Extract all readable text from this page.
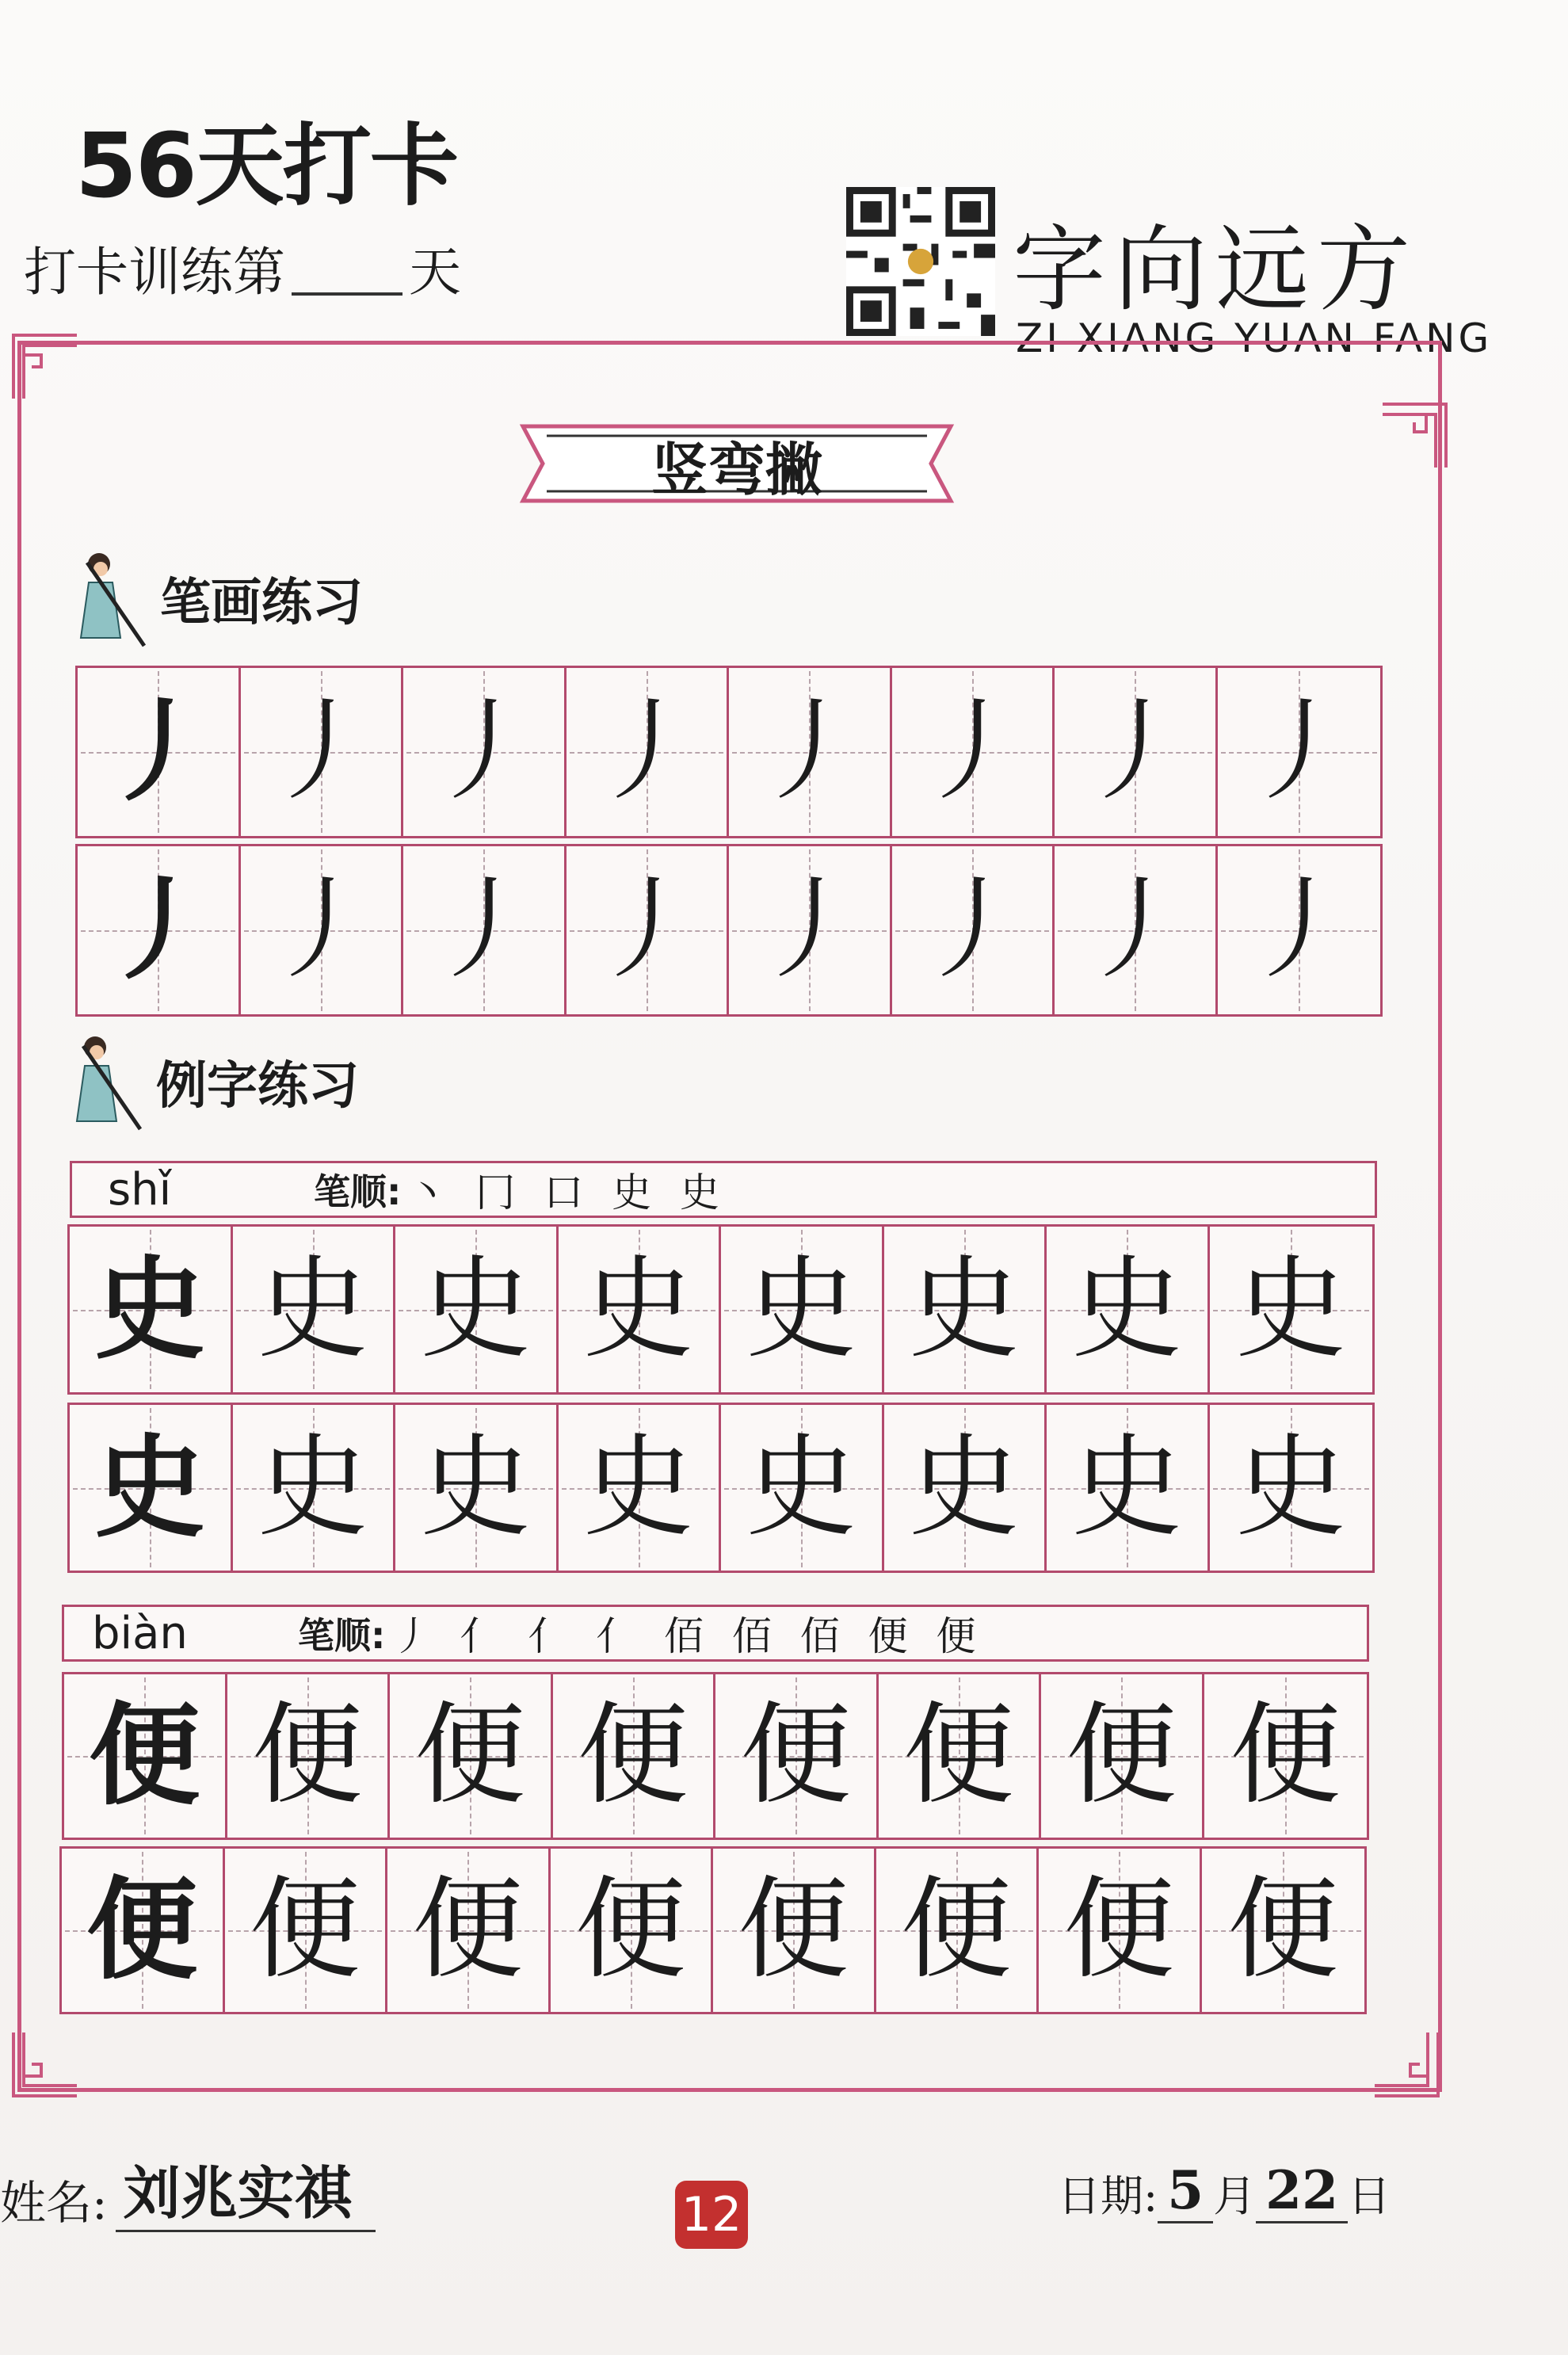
56天打卡
打卡训练第 天	字向远方
ZI XIANG YUAN FANG
竖弯撇
笔画练习
丿 丿 丿 丿 丿 丿 丿 丿
丿 丿 丿 丿 丿 丿 丿 丿
例字练习
shǐ	笔顺: 丶 冂 口 史 史
史 史 史 史 史 史 史 史
史 史 史 史 史 史 史 史
biàn	笔顺: 丿 亻 亻 亻 佰 佰 佰 便 便
便 便 便 便 便 便 便 便
便 便 便 便 便 便 便 便
姓名: 刘兆实祺	12	日期: 5 月 22 日
